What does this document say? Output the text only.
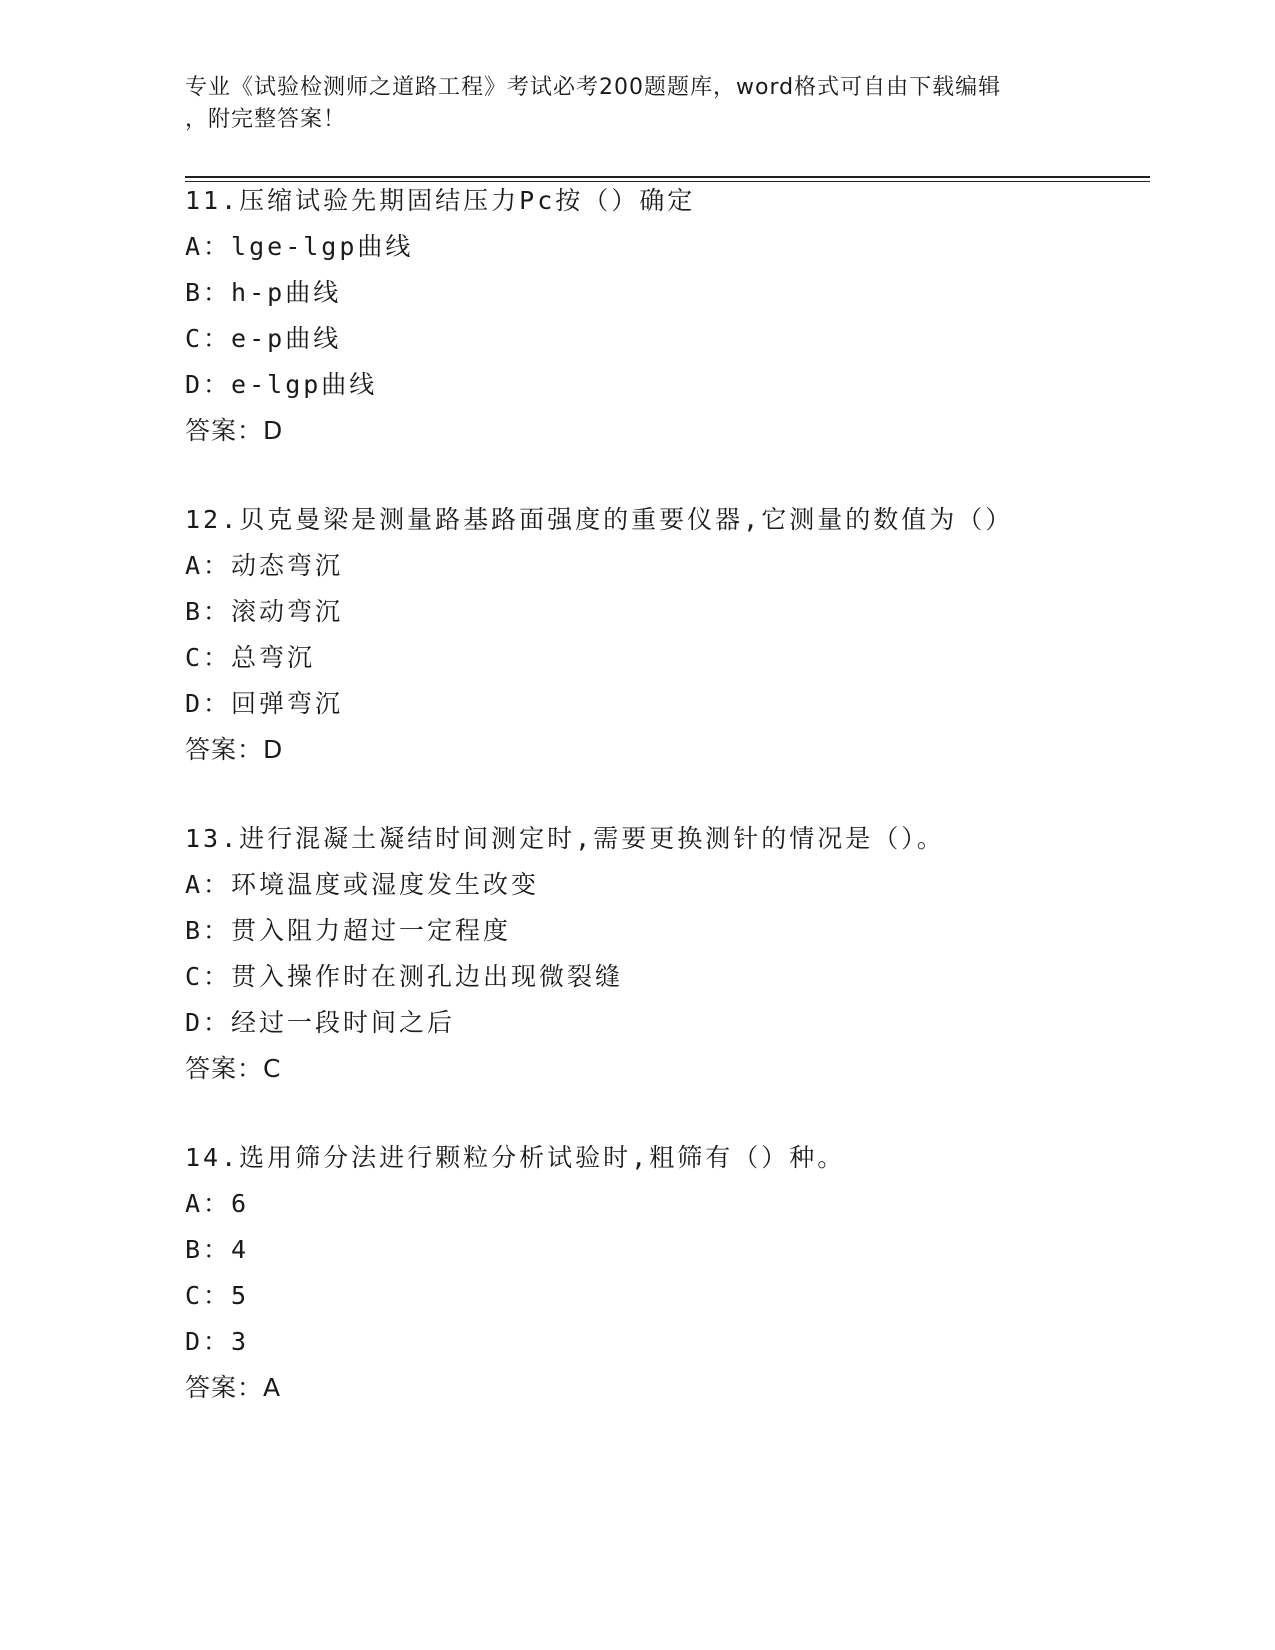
专业《试验检测师之道路工程》考试必考200题题库，word格式可自由下载编辑
，附完整答案！
11.压缩试验先期固结压力Pc按（）确定
A：lge-lgp曲线
B：h-p曲线
C：e-p曲线
D：e-lgp曲线
答案：D
12.贝克曼梁是测量路基路面强度的重要仪器,它测量的数值为（）
A：动态弯沉
B：滚动弯沉
C：总弯沉
D：回弹弯沉
答案：D
13.进行混凝土凝结时间测定时,需要更换测针的情况是（）。
A：环境温度或湿度发生改变
B：贯入阻力超过一定程度
C：贯入操作时在测孔边出现微裂缝
D：经过一段时间之后
答案：C
14.选用筛分法进行颗粒分析试验时,粗筛有（）种。
A：6
B：4
C：5
D：3
答案：A
